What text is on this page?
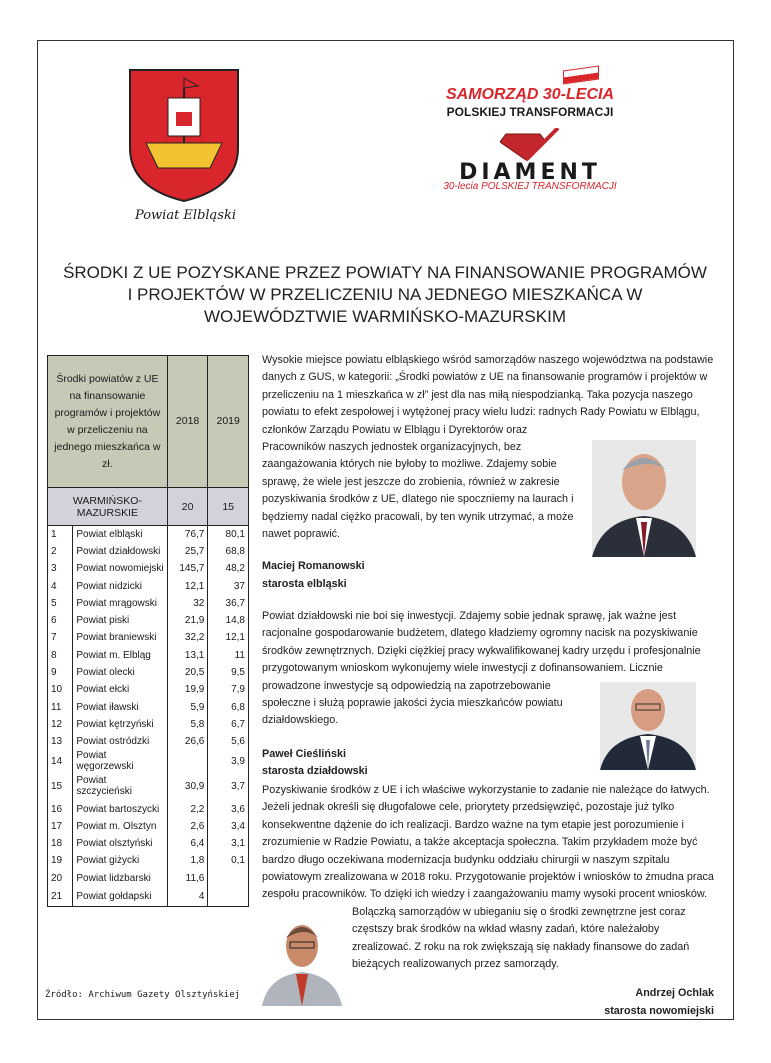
Powiat Elbląski
SAMORZĄD 30-LECIA
POLSKIEJ TRANSFORMACJI
DIAMENT
30-lecia POLSKIEJ TRANSFORMACJI
ŚRODKI Z UE POZYSKANE PRZEZ POWIATY NA FINANSOWANIE PROGRAMÓW I PROJEKTÓW W PRZELICZENIU NA JEDNEGO MIESZKAŃCA W WOJEWÓDZTWIE WARMIŃSKO-MAZURSKIM
Środki powiatów z UE na finansowanie programów i projektów w przeliczeniu na jednego mieszkańca w zł.		2018	2019
WARMIŃSKO-MAZURSKIE		20	15
1	Powiat elbląski	76,7	80,1
2	Powiat działdowski	25,7	68,8
3	Powiat nowomiejski	145,7	48,2
4	Powiat nidzicki	12,1	37
5	Powiat mrągowski	32	36,7
6	Powiat piski	21,9	14,8
7	Powiat braniewski	32,2	12,1
8	Powiat m. Elbląg	13,1	11
9	Powiat olecki	20,5	9,5
10	Powiat ełcki	19,9	7,9
11	Powiat iławski	5,9	6,8
12	Powiat kętrzyński	5,8	6,7
13	Powiat ostródzki	26,6	5,6
14	Powiat węgorzewski		3,9
15	Powiat szczycieński	30,9	3,7
16	Powiat bartoszycki	2,2	3,6
17	Powiat m. Olsztyn	2,6	3,4
18	Powiat olsztyński	6,4	3,1
19	Powiat giżycki	1,8	0,1
20	Powiat lidzbarski	11,6	
21	Powiat gołdapski	4	

Wysokie miejsce powiatu elbląskiego wśród samorządów naszego województwa na podstawie danych z GUS, w kategorii: „Środki powiatów z UE na finansowanie programów i projektów w przeliczeniu na 1 mieszkańca w zł” jest dla nas miłą niespodzianką. Taka pozycja naszego powiatu to efekt zespołowej i wytężonej pracy wielu ludzi: radnych Rady Powiatu w Elblągu, członków Zarządu Powiatu w Elblągu i Dyrektorów oraz Pracowników naszych jednostek organizacyjnych, bez zaangażowania których nie byłoby to możliwe. Zdajemy sobie sprawę, że wiele jest jeszcze do zrobienia, również w zakresie pozyskiwania środków z UE, dlatego nie spoczniemy na laurach i będziemy nadal ciężko pracowali, by ten wynik utrzymać, a może nawet poprawić.

Maciej Romanowski
starosta elbląski

Powiat działdowski nie boi się inwestycji. Zdajemy sobie jednak sprawę, jak ważne jest racjonalne gospodarowanie budżetem, dlatego kładziemy ogromny nacisk na pozyskiwanie środków zewnętrznych. Dzięki ciężkiej pracy wykwalifikowanej kadry urzędu i profesjonalnie przygotowanym wnioskom wykonujemy wiele inwestycji z dofinansowaniem. Licznie prowadzone inwestycje są odpowiedzią na zapotrzebowanie społeczne i służą poprawie jakości życia mieszkańców powiatu działdowskiego.

Paweł Cieśliński
starosta działdowski

Pozyskiwanie środków z UE i ich właściwe wykorzystanie to zadanie nie należące do łatwych. Jeżeli jednak określi się długofalowe cele, priorytety przedsięwzięć, pozostaje już tylko konsekwentne dążenie do ich realizacji. Bardzo ważne na tym etapie jest porozumienie i zrozumienie w Radzie Powiatu, a także akceptacja społeczna. Takim przykładem może być bardzo długo oczekiwana modernizacja budynku oddziału chirurgii w naszym szpitalu powiatowym zrealizowana w 2018 roku. Przygotowanie projektów i wniosków to żmudna praca zespołu pracowników. To dzięki ich wiedzy i zaangażowaniu mamy wysoki procent wniosków. Bolączką samorządów w ubieganiu się o środki zewnętrzne jest coraz częstszy brak środków na wkład własny zadań, które należałoby zrealizować. Z roku na rok zwiększają się nakłady finansowe do zadań bieżących realizowanych przez samorządy.

Andrzej Ochlak
starosta nowomiejski
Źródło: Archiwum Gazety Olsztyńskiej
